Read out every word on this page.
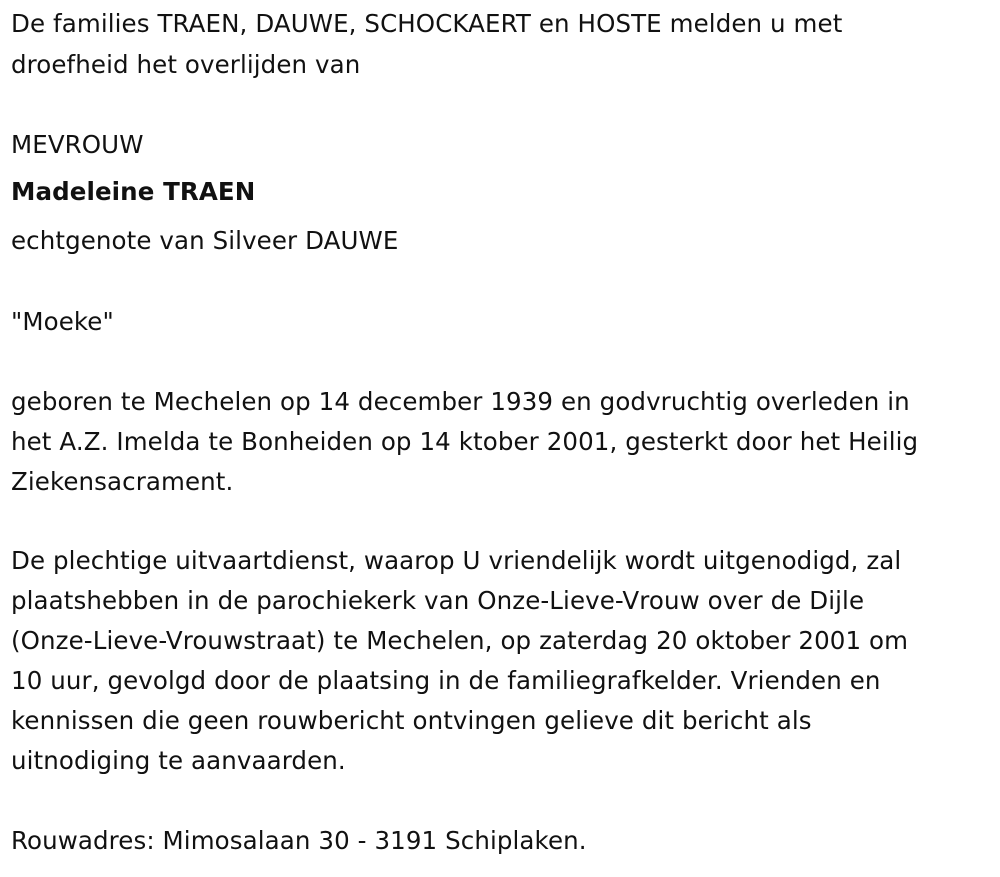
De families TRAEN, DAUWE, SCHOCKAERT en HOSTE melden u met
droefheid het overlijden van
MEVROUW
Madeleine TRAEN
echtgenote van Silveer DAUWE
"Moeke"
geboren te Mechelen op 14 december 1939 en godvruchtig overleden in
het A.Z. Imelda te Bonheiden op 14 ktober 2001, gesterkt door het Heilig
Ziekensacrament.
De plechtige uitvaartdienst, waarop U vriendelijk wordt uitgenodigd, zal
plaatshebben in de parochiekerk van Onze-Lieve-Vrouw over de Dijle
(Onze-Lieve-Vrouwstraat) te Mechelen, op zaterdag 20 oktober 2001 om
10 uur, gevolgd door de plaatsing in de familiegrafkelder. Vrienden en
kennissen die geen rouwbericht ontvingen gelieve dit bericht als
uitnodiging te aanvaarden.
Rouwadres: Mimosalaan 30 - 3191 Schiplaken.
